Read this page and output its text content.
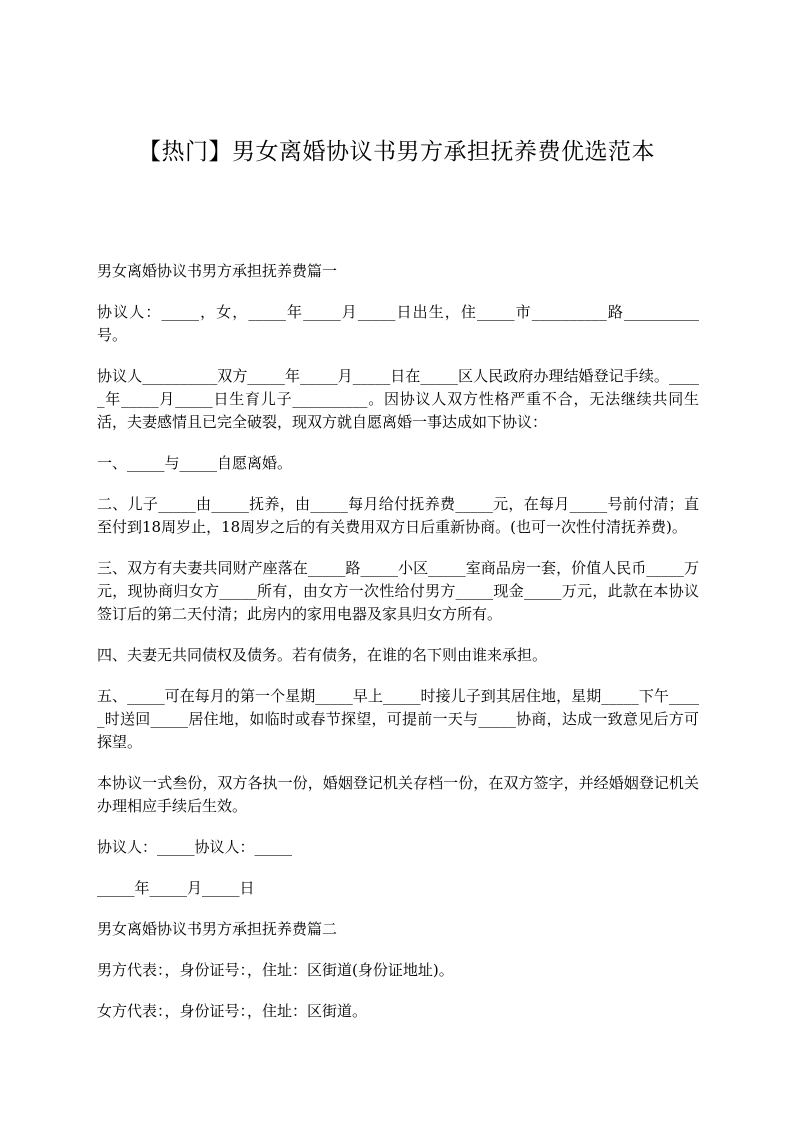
【热门】男女离婚协议书男方承担抚养费优选范本

男女离婚协议书男方承担抚养费篇一

协议人：_____，女，_____年_____月_____日出生，住_____市__________路__________号。

协议人__________双方_____年_____月_____日在_____区人民政府办理结婚登记手续。_____年_____月_____日生育儿子__________。因协议人双方性格严重不合，无法继续共同生活，夫妻感情且已完全破裂，现双方就自愿离婚一事达成如下协议：

一、_____与_____自愿离婚。

二、儿子_____由_____抚养，由_____每月给付抚养费_____元，在每月_____号前付清；直至付到18周岁止，18周岁之后的有关费用双方日后重新协商。(也可一次性付清抚养费)。

三、双方有夫妻共同财产座落在_____路_____小区_____室商品房一套，价值人民币_____万元，现协商归女方_____所有，由女方一次性给付男方_____现金_____万元，此款在本协议签订后的第二天付清；此房内的家用电器及家具归女方所有。

四、夫妻无共同债权及债务。若有债务，在谁的名下则由谁来承担。

五、_____可在每月的第一个星期_____早上_____时接儿子到其居住地，星期_____下午_____时送回_____居住地，如临时或春节探望，可提前一天与_____协商，达成一致意见后方可探望。

本协议一式叁份，双方各执一份，婚姻登记机关存档一份，在双方签字，并经婚姻登记机关办理相应手续后生效。

协议人：_____协议人：_____

_____年_____月_____日

男女离婚协议书男方承担抚养费篇二

男方代表：，身份证号：，住址：区街道(身份证地址)。

女方代表：，身份证号：，住址：区街道。
